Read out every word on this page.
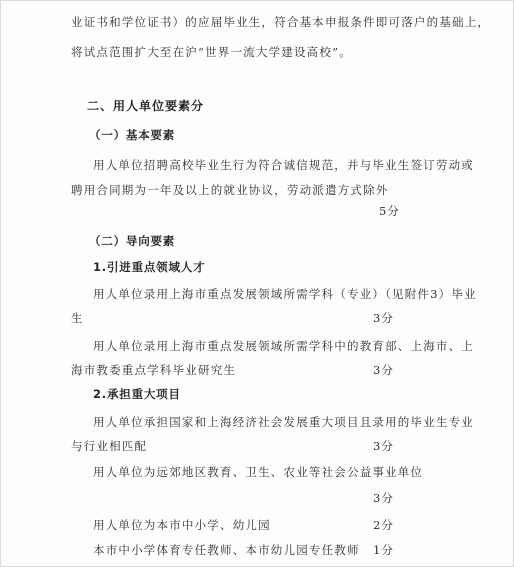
业证书和学位证书）的应届毕业生，符合基本申报条件即可落户的基础上，
将试点范围扩大至在沪“世界一流大学建设高校”。
二、用人单位要素分
（一）基本要素
用人单位招聘高校毕业生行为符合诚信规范，并与毕业生签订劳动或
聘用合同期为一年及以上的就业协议，劳动派遣方式除外
5分
（二）导向要素
1.引进重点领域人才
用人单位录用上海市重点发展领域所需学科（专业）（见附件3）毕业
生	3分
用人单位录用上海市重点发展领域所需学科中的教育部、上海市、上
海市教委重点学科毕业研究生	3分
2.承担重大项目
用人单位承担国家和上海经济社会发展重大项目且录用的毕业生专业
与行业相匹配	3分
用人单位为远郊地区教育、卫生、农业等社会公益事业单位
3分
用人单位为本市中小学、幼儿园	2分
本市中小学体育专任教师、本市幼儿园专任教师 1分
